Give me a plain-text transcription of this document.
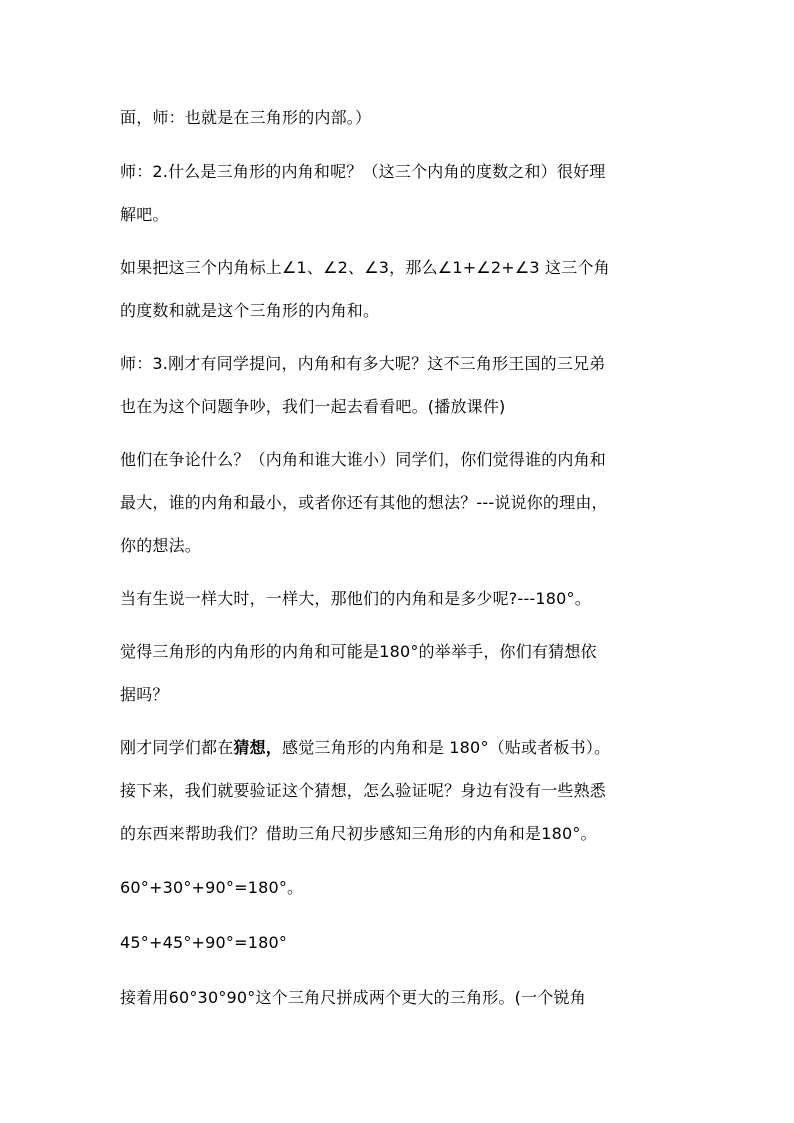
面，师：也就是在三角形的内部。）
师：2.什么是三角形的内角和呢？（这三个内角的度数之和）很好理
解吧。
如果把这三个内角标上∠1、∠2、∠3，那么∠1+∠2+∠3 这三个角
的度数和就是这个三角形的内角和。
师：3.刚才有同学提问，内角和有多大呢？这不三角形王国的三兄弟
也在为这个问题争吵，我们一起去看看吧。(播放课件)
他们在争论什么？（内角和谁大谁小）同学们，你们觉得谁的内角和
最大，谁的内角和最小，或者你还有其他的想法？---说说你的理由，
你的想法。
当有生说一样大时，一样大，那他们的内角和是多少呢?---180°。
觉得三角形的内角形的内角和可能是180°的举举手，你们有猜想依
据吗？
刚才同学们都在猜想，感觉三角形的内角和是 180°（贴或者板书）。
接下来，我们就要验证这个猜想，怎么验证呢？身边有没有一些熟悉
的东西来帮助我们？借助三角尺初步感知三角形的内角和是180°。
60°+30°+90°=180°。
45°+45°+90°=180°
接着用60°30°90°这个三角尺拼成两个更大的三角形。(一个锐角
